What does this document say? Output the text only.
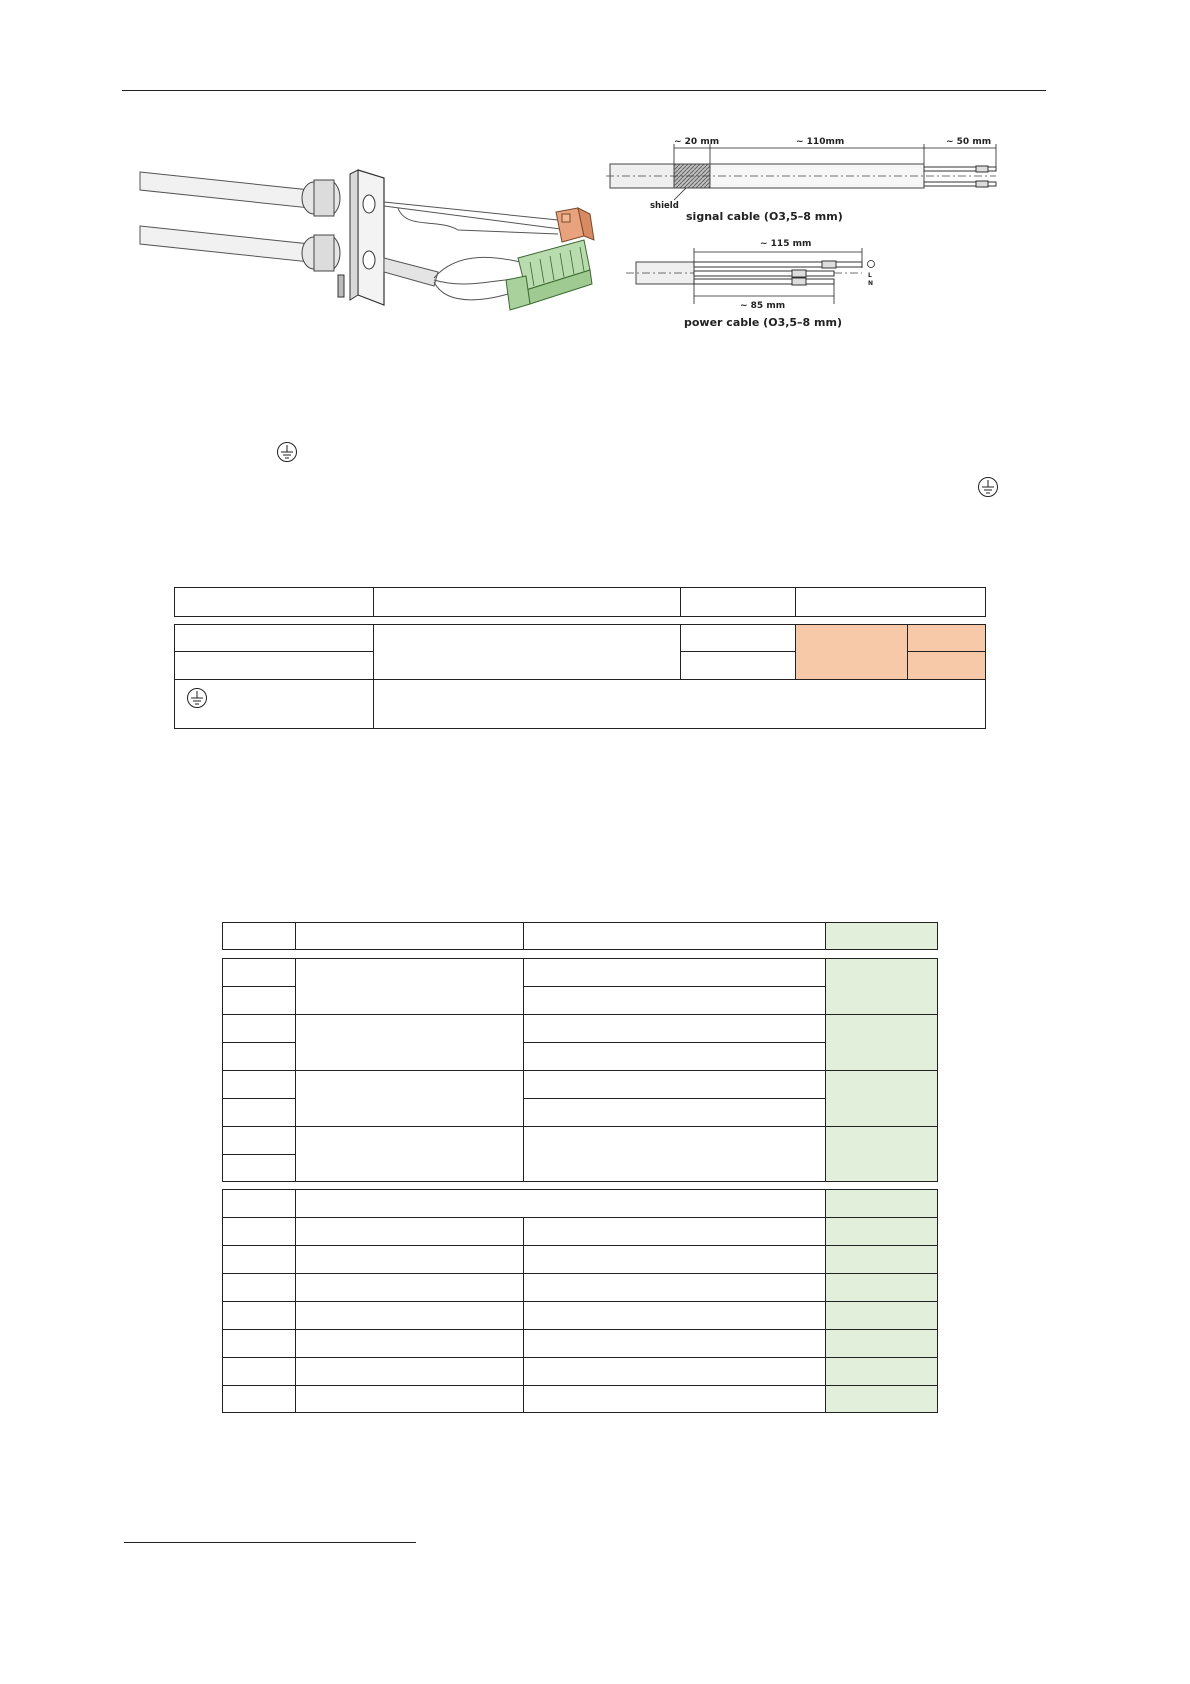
~ 20 mm	~ 110mm	~ 50 mm
shield
signal cable (O3,5–8 mm)
~ 115 mm
L
N
~ 85 mm
power cable (O3,5–8 mm)
